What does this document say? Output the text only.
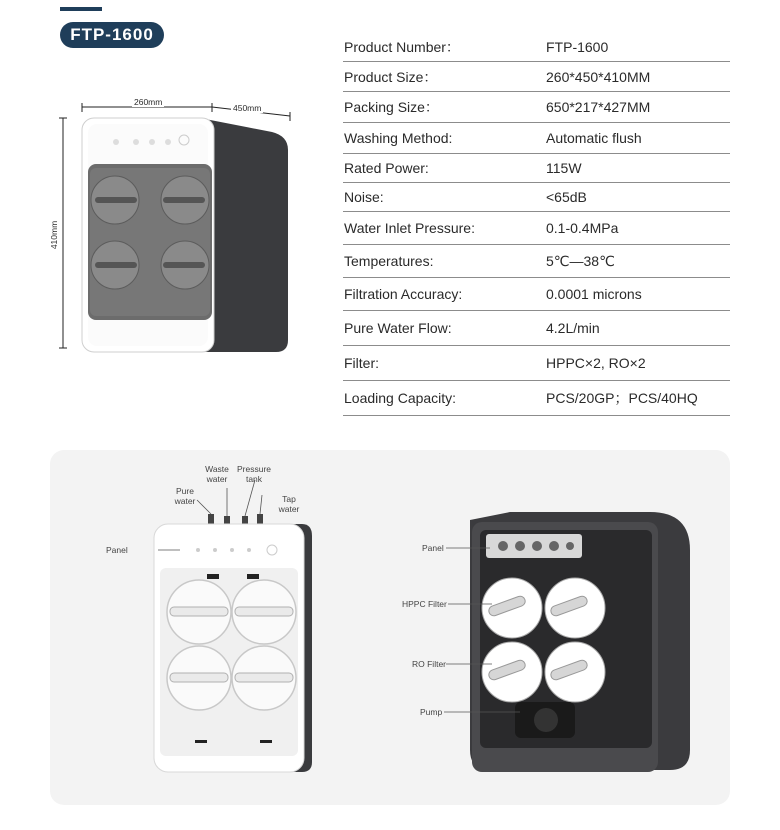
FTP-1600
Product Number：	FTP-1600
Product Size：	260*450*410MM
Packing Size：	650*217*427MM
Washing Method:	Automatic flush
Rated Power:	115W
Noise:	<65dB
Water Inlet Pressure:	0.1-0.4MPa
Temperatures:	5℃—38℃
Filtration Accuracy:	0.0001 microns
Pure Water Flow:	4.2L/min
Filter:	HPPC×2, RO×2
Loading Capacity:	PCS/20GP；PCS/40HQ
260mm
450mm
410mm
Panel
Pure water
Waste water
Pressure tank
Tap water
Panel
HPPC Filter
RO Filter
Pump
